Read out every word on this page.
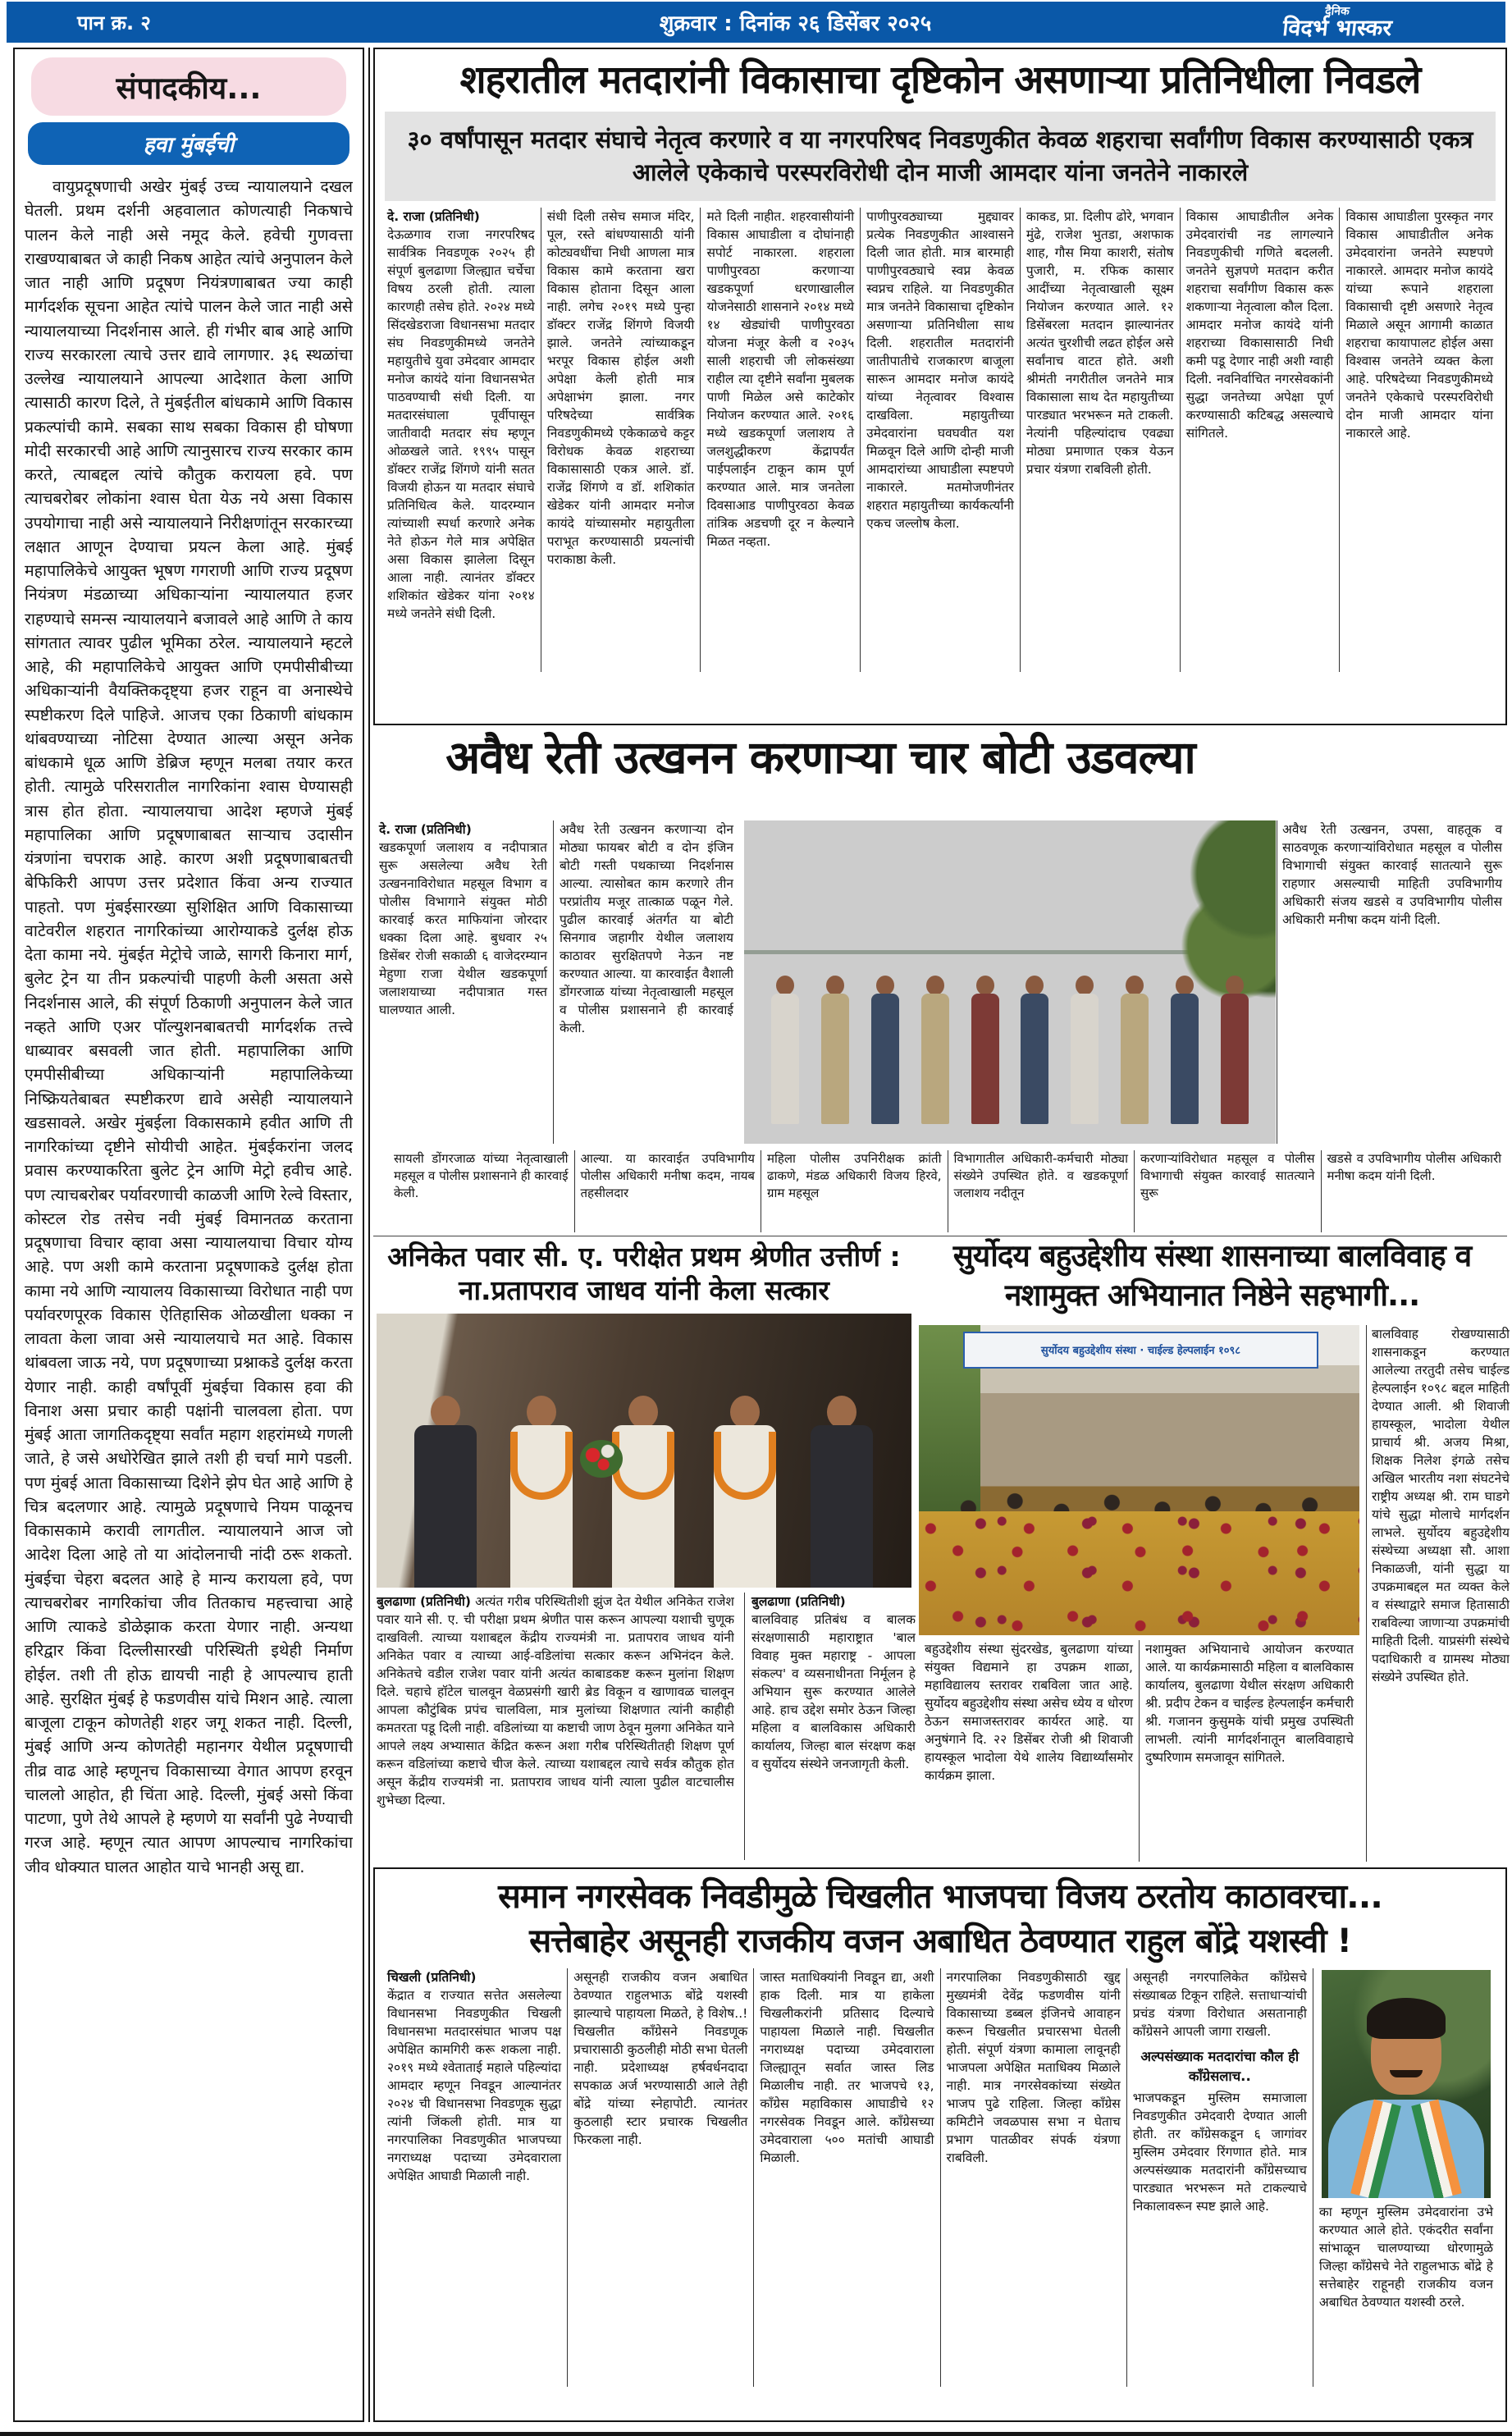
पान क्र. २	शुक्रवार : दिनांक २६ डिसेंबर २०२५
दैनिक
विदर्भ भास्कर
संपादकीय...
हवा मुंबईची
वायुप्रदूषणाची अखेर मुंबई उच्च न्यायालयाने दखल घेतली. प्रथम दर्शनी अहवालात कोणत्याही निकषाचे पालन केले नाही असे नमूद केले. हवेची गुणवत्ता राखण्याबाबत जे काही निकष आहेत त्यांचे अनुपालन केले जात नाही आणि प्रदूषण नियंत्रणाबाबत ज्या काही मार्गदर्शक सूचना आहेत त्यांचे पालन केले जात नाही असे न्यायालयाच्या निदर्शनास आले. ही गंभीर बाब आहे आणि राज्य सरकारला त्याचे उत्तर द्यावे लागणार. ३६ स्थळांचा उल्लेख न्यायालयाने आपल्या आदेशात केला आणि त्यासाठी कारण दिले, ते मुंबईतील बांधकामे आणि विकास प्रकल्पांची कामे. सबका साथ सबका विकास ही घोषणा मोदी सरकारची आहे आणि त्यानुसारच राज्य सरकार काम करते, त्याबद्दल त्यांचे कौतुक करायला हवे. पण त्याचबरोबर लोकांना श्वास घेता येऊ नये असा विकास उपयोगाचा नाही असे न्यायालयाने निरीक्षणांतून सरकारच्या लक्षात आणून देण्याचा प्रयत्न केला आहे. मुंबई महापालिकेचे आयुक्त भूषण गगराणी आणि राज्य प्रदूषण नियंत्रण मंडळाच्या अधिकाऱ्यांना न्यायालयात हजर राहण्याचे समन्स न्यायालयाने बजावले आहे आणि ते काय सांगतात त्यावर पुढील भूमिका ठरेल. न्यायालयाने म्हटले आहे, की महापालिकेचे आयुक्त आणि एमपीसीबीच्या अधिकाऱ्यांनी वैयक्तिकदृष्ट्या हजर राहून वा अनास्थेचे स्पष्टीकरण दिले पाहिजे. आजच एका ठिकाणी बांधकाम थांबवण्याच्या नोटिसा देण्यात आल्या असून अनेक बांधकामे धूळ आणि डेब्रिज म्हणून मलबा तयार करत होती. त्यामुळे परिसरातील नागरिकांना श्वास घेण्यासही त्रास होत होता. न्यायालयाचा आदेश म्हणजे मुंबई महापालिका आणि प्रदूषणाबाबत साऱ्याच उदासीन यंत्रणांना चपराक आहे. कारण अशी प्रदूषणाबाबतची बेफिकिरी आपण उत्तर प्रदेशात किंवा अन्य राज्यात पाहतो. पण मुंबईसारख्या सुशिक्षित आणि विकासाच्या वाटेवरील शहरात नागरिकांच्या आरोग्याकडे दुर्लक्ष होऊ देता कामा नये. मुंबईत मेट्रोचे जाळे, सागरी किनारा मार्ग, बुलेट ट्रेन या तीन प्रकल्पांची पाहणी केली असता असे निदर्शनास आले, की संपूर्ण ठिकाणी अनुपालन केले जात नव्हते आणि एअर पॉल्युशनबाबतची मार्गदर्शक तत्त्वे धाब्यावर बसवली जात होती. महापालिका आणि एमपीसीबीच्या अधिकाऱ्यांनी महापालिकेच्या निष्क्रियतेबाबत स्पष्टीकरण द्यावे असेही न्यायालयाने खडसावले. अखेर मुंबईला विकासकामे हवीत आणि ती नागरिकांच्या दृष्टीने सोयीची आहेत. मुंबईकरांना जलद प्रवास करण्याकरिता बुलेट ट्रेन आणि मेट्रो हवीच आहे. पण त्याचबरोबर पर्यावरणाची काळजी आणि रेल्वे विस्तार, कोस्टल रोड तसेच नवी मुंबई विमानतळ करताना प्रदूषणाचा विचार व्हावा असा न्यायालयाचा विचार योग्य आहे. पण अशी कामे करताना प्रदूषणाकडे दुर्लक्ष होता कामा नये आणि न्यायालय विकासाच्या विरोधात नाही पण पर्यावरणपूरक विकास ऐतिहासिक ओळखीला धक्का न लावता केला जावा असे न्यायालयाचे मत आहे. विकास थांबवला जाऊ नये, पण प्रदूषणाच्या प्रश्नाकडे दुर्लक्ष करता येणार नाही. काही वर्षांपूर्वी मुंबईचा विकास हवा की विनाश असा प्रचार काही पक्षांनी चालवला होता. पण मुंबई आता जागतिकदृष्ट्या सर्वांत महाग शहरांमध्ये गणली जाते, हे जसे अधोरेखित झाले तशी ही चर्चा मागे पडली. पण मुंबई आता विकासाच्या दिशेने झेप घेत आहे आणि हे चित्र बदलणार आहे. त्यामुळे प्रदूषणाचे नियम पाळूनच विकासकामे करावी लागतील. न्यायालयाने आज जो आदेश दिला आहे तो या आंदोलनाची नांदी ठरू शकतो. मुंबईचा चेहरा बदलत आहे हे मान्य करायला हवे, पण त्याचबरोबर नागरिकांचा जीव तितकाच महत्त्वाचा आहे आणि त्याकडे डोळेझाक करता येणार नाही. अन्यथा हरिद्वार किंवा दिल्लीसारखी परिस्थिती इथेही निर्माण होईल. तशी ती होऊ द्यायची नाही हे आपल्याच हाती आहे. सुरक्षित मुंबई हे फडणवीस यांचे मिशन आहे. त्याला बाजूला टाकून कोणतेही शहर जगू शकत नाही. दिल्ली, मुंबई आणि अन्य कोणतेही महानगर येथील प्रदूषणाची तीव्र वाढ आहे म्हणूनच विकासाच्या वेगात आपण हरवून चाललो आहोत, ही चिंता आहे. दिल्ली, मुंबई असो किंवा पाटणा, पुणे तेथे आपले हे म्हणणे या सर्वांनी पुढे नेण्याची गरज आहे. म्हणून त्यात आपण आपल्याच नागरिकांचा जीव धोक्यात घालत आहोत याचे भानही असू द्या.
शहरातील मतदारांनी विकासाचा दृष्टिकोन असणाऱ्या प्रतिनिधीला निवडले
३० वर्षांपासून मतदार संघाचे नेतृत्व करणारे व या नगरपरिषद निवडणुकीत केवळ शहराचा सर्वांगीण विकास करण्यासाठी एकत्र आलेले एकेकाचे परस्परविरोधी दोन माजी आमदार यांना जनतेने नाकारले
दे. राजा (प्रतिनिधी)
देऊळगाव राजा नगरपरिषद सार्वत्रिक निवडणूक २०२५ ही संपूर्ण बुलढाणा जिल्ह्यात चर्चेचा विषय ठरली होती. त्याला कारणही तसेच होते. २०२४ मध्ये सिंदखेडराजा विधानसभा मतदार संघ निवडणुकीमध्ये जनतेने महायुतीचे युवा उमेदवार आमदार मनोज कायंदे यांना विधानसभेत पाठवण्याची संधी दिली. या मतदारसंघाला पूर्वीपासून जातीवादी मतदार संघ म्हणून ओळखले जाते. १९९५ पासून डॉक्टर राजेंद्र शिंगणे यांनी सतत विजयी होऊन या मतदार संघाचे प्रतिनिधित्व केले. यादरम्यान त्यांच्याशी स्पर्धा करणारे अनेक नेते होऊन गेले मात्र अपेक्षित असा विकास झालेला दिसून आला नाही. त्यानंतर डॉक्टर शशिकांत खेडेकर यांना २०१४ मध्ये जनतेने संधी दिली.
संधी दिली तसेच समाज मंदिर, पूल, रस्ते बांधण्यासाठी यांनी कोट्यवधींचा निधी आणला मात्र विकास कामे करताना खरा विकास होताना दिसून आला नाही. लगेच २०१९ मध्ये पुन्हा डॉक्टर राजेंद्र शिंगणे विजयी झाले. जनतेने त्यांच्याकडून भरपूर विकास होईल अशी अपेक्षा केली होती मात्र अपेक्षाभंग झाला. नगर परिषदेच्या सार्वत्रिक निवडणुकीमध्ये एकेकाळचे कट्टर विरोधक केवळ शहराच्या विकासासाठी एकत्र आले. डॉ. राजेंद्र शिंगणे व डॉ. शशिकांत खेडेकर यांनी आमदार मनोज कायंदे यांच्यासमोर महायुतीला पराभूत करण्यासाठी प्रयत्नांची पराकाष्ठा केली.
मते दिली नाहीत. शहरवासीयांनी विकास आघाडीला व दोघांनाही सपोर्ट नाकारला. शहराला पाणीपुरवठा करणाऱ्या खडकपूर्णा धरणाखालील योजनेसाठी शासनाने २०१४ मध्ये १४ खेड्यांची पाणीपुरवठा योजना मंजूर केली व २०३५ साली शहराची जी लोकसंख्या राहील त्या दृष्टीने सर्वांना मुबलक पाणी मिळेल असे काटेकोर नियोजन करण्यात आले. २०१६ मध्ये खडकपूर्णा जलाशय ते जलशुद्धीकरण केंद्रापर्यंत पाईपलाईन टाकून काम पूर्ण करण्यात आले. मात्र जनतेला दिवसाआड पाणीपुरवठा केवळ तांत्रिक अडचणी दूर न केल्याने मिळत नव्हता.
पाणीपुरवठ्याच्या मुद्द्यावर प्रत्येक निवडणुकीत आश्वासने दिली जात होती. मात्र बारमाही पाणीपुरवठ्याचे स्वप्न केवळ स्वप्नच राहिले. या निवडणुकीत मात्र जनतेने विकासाचा दृष्टिकोन असणाऱ्या प्रतिनिधीला साथ दिली. शहरातील मतदारांनी जातीपातीचे राजकारण बाजूला सारून आमदार मनोज कायंदे यांच्या नेतृत्वावर विश्वास दाखविला. महायुतीच्या उमेदवारांना घवघवीत यश मिळवून दिले आणि दोन्ही माजी आमदारांच्या आघाडीला स्पष्टपणे नाकारले. मतमोजणीनंतर शहरात महायुतीच्या कार्यकर्त्यांनी एकच जल्लोष केला.
काकड, प्रा. दिलीप ढोरे, भगवान मुंढे, राजेश भुतडा, अशफाक शाह, गौस मिया काशरी, संतोष पुजारी, म. रफिक कासार आदींच्या नेतृत्वाखाली सूक्ष्म नियोजन करण्यात आले. १२ डिसेंबरला मतदान झाल्यानंतर अत्यंत चुरशीची लढत होईल असे सर्वांनाच वाटत होते. अशी श्रीमंती नगरीतील जनतेने मात्र विकासाला साथ देत महायुतीच्या पारड्यात भरभरून मते टाकली. नेत्यांनी पहिल्यांदाच एवढ्या मोठ्या प्रमाणात एकत्र येऊन प्रचार यंत्रणा राबविली होती.
विकास आघाडीतील अनेक उमेदवारांची नड लागल्याने निवडणुकीची गणिते बदलली. जनतेने सुज्ञपणे मतदान करीत शहराचा सर्वांगीण विकास करू शकणाऱ्या नेतृत्वाला कौल दिला. आमदार मनोज कायंदे यांनी शहराच्या विकासासाठी निधी कमी पडू देणार नाही अशी ग्वाही दिली. नवनिर्वाचित नगरसेवकांनी सुद्धा जनतेच्या अपेक्षा पूर्ण करण्यासाठी कटिबद्ध असल्याचे सांगितले.
विकास आघाडीला पुरस्कृत नगर विकास आघाडीतील अनेक उमेदवारांना जनतेने स्पष्टपणे नाकारले. आमदार मनोज कायंदे यांच्या रूपाने शहराला विकासाची दृष्टी असणारे नेतृत्व मिळाले असून आगामी काळात शहराचा कायापालट होईल असा विश्वास जनतेने व्यक्त केला आहे. परिषदेच्या निवडणुकीमध्ये जनतेने एकेकाचे परस्परविरोधी दोन माजी आमदार यांना नाकारले आहे.
अवैध रेती उत्खनन करणाऱ्या चार बोटी उडवल्या
दे. राजा (प्रतिनिधी)
खडकपूर्णा जलाशय व नदीपात्रात सुरू असलेल्या अवैध रेती उत्खननाविरोधात महसूल विभाग व पोलीस विभागाने संयुक्त मोठी कारवाई करत माफियांना जोरदार धक्का दिला आहे. बुधवार २५ डिसेंबर रोजी सकाळी ६ वाजेदरम्यान मेहुणा राजा येथील खडकपूर्णा जलाशयाच्या नदीपात्रात गस्त घालण्यात आली.
अवैध रेती उत्खनन करणाऱ्या दोन मोठ्या फायबर बोटी व दोन इंजिन बोटी गस्ती पथकाच्या निदर्शनास आल्या. त्यासोबत काम करणारे तीन परप्रांतीय मजूर तात्काळ पळून गेले. पुढील कारवाई अंतर्गत या बोटी सिनगाव जहागीर येथील जलाशय काठावर सुरक्षितपणे नेऊन नष्ट करण्यात आल्या. या कारवाईत वैशाली डोंगरजाळ यांच्या नेतृत्वाखाली महसूल व पोलीस प्रशासनाने ही कारवाई केली.
अवैध रेती उत्खनन, उपसा, वाहतूक व साठवणूक करणाऱ्यांविरोधात महसूल व पोलीस विभागाची संयुक्त कारवाई सातत्याने सुरू राहणार असल्याची माहिती उपविभागीय अधिकारी संजय खडसे व उपविभागीय पोलीस अधिकारी मनीषा कदम यांनी दिली.
सायली डोंगरजाळ यांच्या नेतृत्वाखाली महसूल व पोलीस प्रशासनाने ही कारवाई केली.
आल्या. या कारवाईत उपविभागीय पोलीस अधिकारी मनीषा कदम, नायब तहसीलदार
महिला पोलीस उपनिरीक्षक क्रांती ढाकणे, मंडळ अधिकारी विजय हिरवे, ग्राम महसूल
विभागातील अधिकारी-कर्मचारी मोठ्या संख्येने उपस्थित होते. व खडकपूर्णा जलाशय नदीतून
करणाऱ्यांविरोधात महसूल व पोलीस विभागाची संयुक्त कारवाई सातत्याने सुरू
खडसे व उपविभागीय पोलीस अधिकारी मनीषा कदम यांनी दिली.
अनिकेत पवार सी. ए. परीक्षेत प्रथम श्रेणीत उत्तीर्ण :
ना.प्रतापराव जाधव यांनी केला सत्कार
बुलढाणा (प्रतिनिधी) अत्यंत गरीब परिस्थितीशी झुंज देत येथील अनिकेत राजेश पवार याने सी. ए. ची परीक्षा प्रथम श्रेणीत पास करून आपल्या यशाची चुणूक दाखविली. त्याच्या यशाबद्दल केंद्रीय राज्यमंत्री ना. प्रतापराव जाधव यांनी अनिकेत पवार व त्याच्या आई-वडिलांचा सत्कार करून अभिनंदन केले. अनिकेतचे वडील राजेश पवार यांनी अत्यंत काबाडकष्ट करून मुलांना शिक्षण दिले. चहाचे हॉटेल चालवून वेळप्रसंगी खारी ब्रेड विकून व खाणावळ चालवून आपला कौटुंबिक प्रपंच चालविला, मात्र मुलांच्या शिक्षणात त्यांनी काहीही कमतरता पडू दिली नाही. वडिलांच्या या कष्टाची जाण ठेवून मुलगा अनिकेत याने आपले लक्ष्य अभ्यासात केंद्रित करून अशा गरीब परिस्थितीतही शिक्षण पूर्ण करून वडिलांच्या कष्टाचे चीज केले. त्याच्या यशाबद्दल त्याचे सर्वत्र कौतुक होत असून केंद्रीय राज्यमंत्री ना. प्रतापराव जाधव यांनी त्याला पुढील वाटचालीस शुभेच्छा दिल्या.
बुलढाणा (प्रतिनिधी)
बालविवाह प्रतिबंध व बालक संरक्षणासाठी महाराष्ट्रात 'बाल विवाह मुक्त महाराष्ट्र - आपला संकल्प' व व्यसनाधीनता निर्मूलन हे अभियान सुरू करण्यात आलेले आहे. हाच उद्देश समोर ठेऊन जिल्हा महिला व बालविकास अधिकारी कार्यालय, जिल्हा बाल संरक्षण कक्ष व सुर्योदय संस्थेने जनजागृती केली.
सुर्योदय बहुउद्देशीय संस्था शासनाच्या बालविवाह व नशामुक्त अभियानात निष्ठेने सहभागी...
सुर्योदय बहुउद्देशीय संस्था · चाईल्ड हेल्पलाईन १०९८
बहुउद्देशीय संस्था सुंदरखेड, बुलढाणा यांच्या संयुक्त विद्यमाने हा उपक्रम शाळा, महाविद्यालय स्तरावर राबविला जात आहे. सुर्योदय बहुउद्देशीय संस्था असेच ध्येय व धोरण ठेऊन समाजस्तरावर कार्यरत आहे. या अनुषंगाने दि. २२ डिसेंबर रोजी श्री शिवाजी हायस्कूल भादोला येथे शालेय विद्यार्थ्यांसमोर कार्यक्रम झाला.
नशामुक्त अभियानाचे आयोजन करण्यात आले. या कार्यक्रमासाठी महिला व बालविकास कार्यालय, बुलढाणा येथील संरक्षण अधिकारी श्री. प्रदीप टेकन व चाईल्ड हेल्पलाईन कर्मचारी श्री. गजानन कुसुमके यांची प्रमुख उपस्थिती लाभली. त्यांनी मार्गदर्शनातून बालविवाहाचे दुष्परिणाम समजावून सांगितले.
बालविवाह रोखण्यासाठी शासनाकडून करण्यात आलेल्या तरतुदी तसेच चाईल्ड हेल्पलाईन १०९८ बद्दल माहिती देण्यात आली. श्री शिवाजी हायस्कूल, भादोला येथील प्राचार्य श्री. अजय मिश्रा, शिक्षक निलेश इंगळे तसेच अखिल भारतीय नशा संघटनेचे राष्ट्रीय अध्यक्ष श्री. राम घाडगे यांचे सुद्धा मोलाचे मार्गदर्शन लाभले. सुर्योदय बहुउद्देशीय संस्थेच्या अध्यक्षा सौ. आशा निकाळजी, यांनी सुद्धा या उपक्रमाबद्दल मत व्यक्त केले व संस्थाद्वारे समाज हितासाठी राबविल्या जाणाऱ्या उपक्रमांची माहिती दिली. याप्रसंगी संस्थेचे पदाधिकारी व ग्रामस्थ मोठ्या संख्येने उपस्थित होते.
समान नगरसेवक निवडीमुळे चिखलीत भाजपचा विजय ठरतोय काठावरचा...
सत्तेबाहेर असूनही राजकीय वजन अबाधित ठेवण्यात राहुल बोंद्रे यशस्वी !
चिखली (प्रतिनिधी)
केंद्रात व राज्यात सत्तेत असलेल्या विधानसभा निवडणुकीत चिखली विधानसभा मतदारसंघात भाजप पक्ष अपेक्षित कामगिरी करू शकला नाही. २०१९ मध्ये श्वेताताई महाले पहिल्यांदा आमदार म्हणून निवडून आल्यानंतर २०२४ ची विधानसभा निवडणूक सुद्धा त्यांनी जिंकली होती. मात्र या नगरपालिका निवडणुकीत भाजपच्या नगराध्यक्ष पदाच्या उमेदवाराला अपेक्षित आघाडी मिळाली नाही.
असूनही राजकीय वजन अबाधित ठेवण्यात राहुलभाऊ बोंद्रे यशस्वी झाल्याचे पाहायला मिळते, हे विशेष..! चिखलीत काँग्रेसने निवडणूक प्रचारासाठी कुठलीही मोठी सभा घेतली नाही. प्रदेशाध्यक्ष हर्षवर्धनदादा सपकाळ अर्ज भरण्यासाठी आले तेही बोंद्रे यांच्या स्नेहापोटी. त्यानंतर कुठलाही स्टार प्रचारक चिखलीत फिरकला नाही.
जास्त मताधिक्यांनी निवडून द्या, अशी हाक दिली. मात्र या हाकेला चिखलीकरांनी प्रतिसाद दिल्याचे पाहायला मिळाले नाही. चिखलीत नगराध्यक्ष पदाच्या उमेदवाराला जिल्ह्यातून सर्वात जास्त लिड मिळालीच नाही. तर भाजपचे १३, काँग्रेस महाविकास आघाडीचे १२ नगरसेवक निवडून आले. काँग्रेसच्या उमेदवाराला ५०० मतांची आघाडी मिळाली.
नगरपालिका निवडणुकीसाठी खुद्द मुख्यमंत्री देवेंद्र फडणवीस यांनी विकासाच्या डब्बल इंजिनचे आवाहन करून चिखलीत प्रचारसभा घेतली होती. संपूर्ण यंत्रणा कामाला लावूनही भाजपला अपेक्षित मताधिक्य मिळाले नाही. मात्र नगरसेवकांच्या संख्येत भाजप पुढे राहिला. जिल्हा काँग्रेस कमिटीने जवळपास सभा न घेताच प्रभाग पातळीवर संपर्क यंत्रणा राबविली.
असूनही नगरपालिकेत काँग्रेसचे संख्याबळ टिकून राहिले. सत्ताधाऱ्यांची प्रचंड यंत्रणा विरोधात असतानाही काँग्रेसने आपली जागा राखली.
अल्पसंख्याक मतदारांचा कौल ही काँग्रेसलाच..
भाजपकडून मुस्लिम समाजाला निवडणुकीत उमेदवारी देण्यात आली होती. तर काँग्रेसकडून ६ जागांवर मुस्लिम उमेदवार रिंगणात होते. मात्र अल्पसंख्याक मतदारांनी काँग्रेसच्याच पारड्यात भरभरून मते टाकल्याचे निकालावरून स्पष्ट झाले आहे.	का म्हणून मुस्लिम उमेदवारांना उभे करण्यात आले होते. एकंदरीत सर्वांना सांभाळून चालण्याच्या धोरणामुळे जिल्हा काँग्रेसचे नेते राहुलभाऊ बोंद्रे हे सत्तेबाहेर राहूनही राजकीय वजन अबाधित ठेवण्यात यशस्वी ठरले.
